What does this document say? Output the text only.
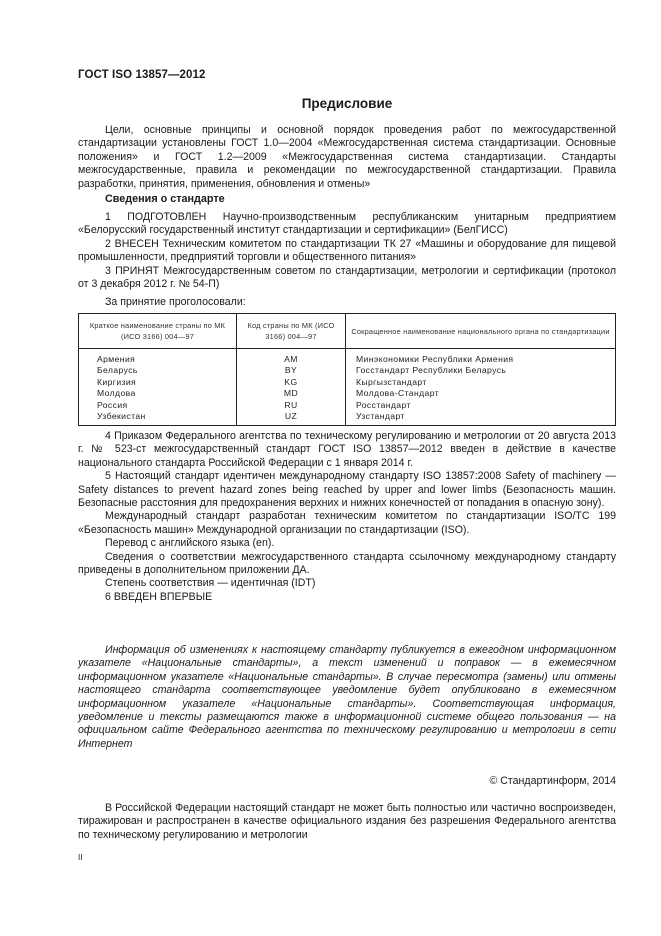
ГОСТ ISO 13857—2012
Предисловие

Цели, основные принципы и основной порядок проведения работ по межгосударственной стандартизации установлены ГОСТ 1.0—2004 «Межгосударственная система стандартизации. Основные положения» и ГОСТ 1.2—2009 «Межгосударственная система стандартизации. Стандарты межгосударственные, правила и рекомендации по межгосударственной стандартизации. Правила разработки, принятия, применения, обновления и отмены»

Сведения о стандарте

1 ПОДГОТОВЛЕН Научно-производственным республиканским унитарным предприятием «Белорусский государственный институт стандартизации и сертификации» (БелГИСС)

2 ВНЕСЕН Техническим комитетом по стандартизации ТК 27 «Машины и оборудование для пищевой промышленности, предприятий торговли и общественного питания»

3 ПРИНЯТ Межгосударственным советом по стандартизации, метрологии и сертификации (протокол от 3 декабря 2012 г. № 54-П)

За принятие проголосовали:

Краткое наименование страны по МК (ИСО 3166) 004—97	Код страны по МК (ИСО 3166) 004—97	Сокращенное наименование национального органа по стандартизации
Армения	AM	Минэкономики Республики Армения
Беларусь	BY	Госстандарт Республики Беларусь
Киргизия	KG	Кыргызстандарт
Молдова	MD	Молдова-Стандарт
Россия	RU	Росстандарт
Узбекистан	UZ	Узстандарт

4 Приказом Федерального агентства по техническому регулированию и метрологии от 20 августа 2013 г. № 523-ст межгосударственный стандарт ГОСТ ISO 13857—2012 введен в действие в качестве национального стандарта Российской Федерации с 1 января 2014 г.

5 Настоящий стандарт идентичен международному стандарту ISO 13857:2008 Safety of machinery — Safety distances to prevent hazard zones being reached by upper and lower limbs (Безопасность машин. Безопасные расстояния для предохранения верхних и нижних конечностей от попадания в опасную зону).

Международный стандарт разработан техническим комитетом по стандартизации ISO/TC 199 «Безопасность машин» Международной организации по стандартизации (ISO).

Перевод с английского языка (en).

Сведения о соответствии межгосударственного стандарта ссылочному международному стандарту приведены в дополнительном приложении ДА.

Степень соответствия — идентичная (IDT)

6 ВВЕДЕН ВПЕРВЫЕ

Информация об изменениях к настоящему стандарту публикуется в ежегодном информационном указателе «Национальные стандарты», а текст изменений и поправок — в ежемесячном информационном указателе «Национальные стандарты». В случае пересмотра (замены) или отмены настоящего стандарта соответствующее уведомление будет опубликовано в ежемесячном информационном указателе «Национальные стандарты». Соответствующая информация, уведомление и тексты размещаются также в информационной системе общего пользования — на официальном сайте Федерального агентства по техническому регулированию и метрологии в сети Интернет

© Стандартинформ, 2014

В Российской Федерации настоящий стандарт не может быть полностью или частично воспроизведен, тиражирован и распространен в качестве официального издания без разрешения Федерального агентства по техническому регулированию и метрологии

II
